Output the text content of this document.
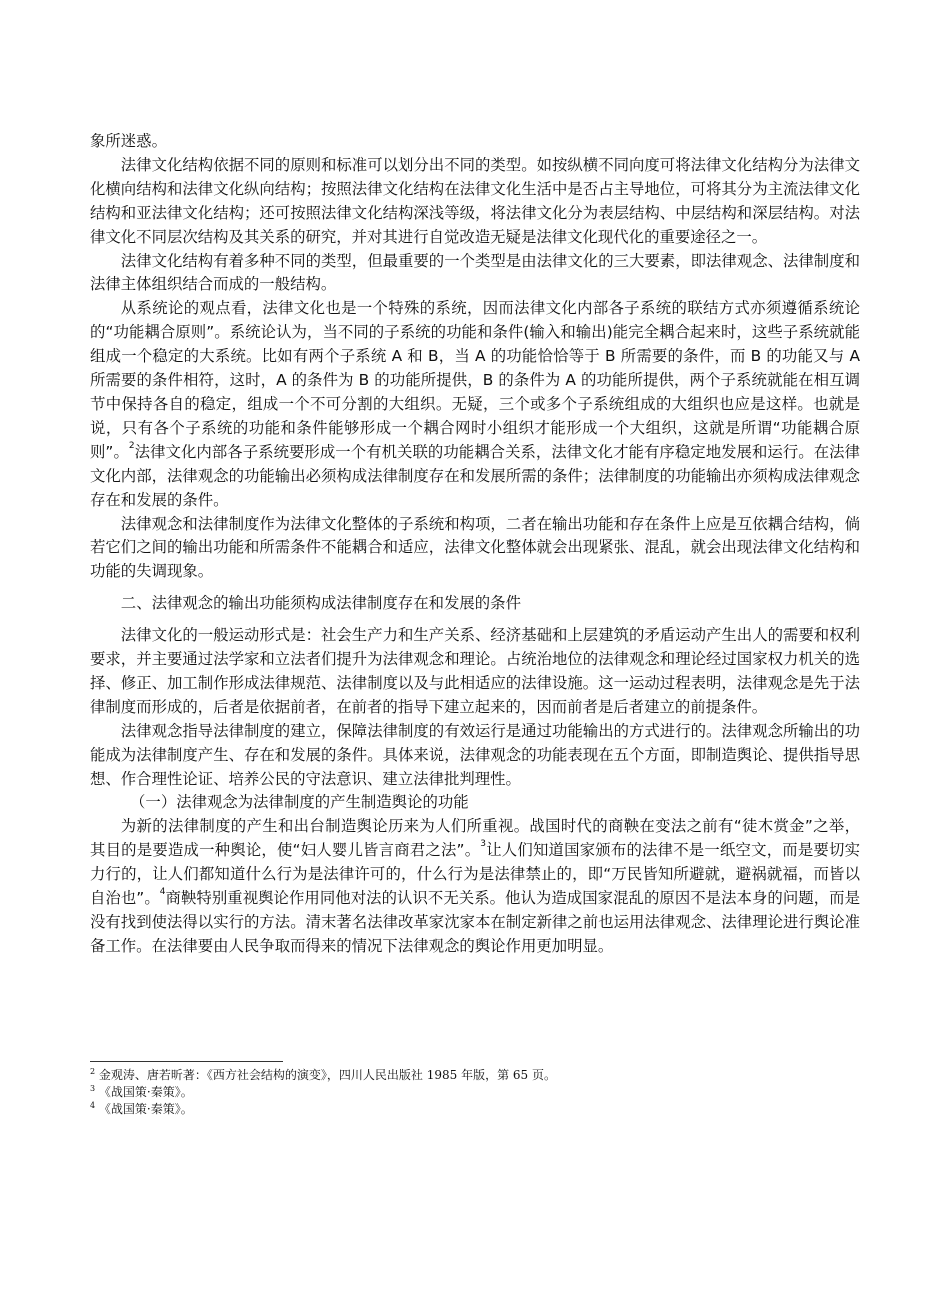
象所迷惑。

法律文化结构依据不同的原则和标准可以划分出不同的类型。如按纵横不同向度可将法律文化结构分为法律文化横向结构和法律文化纵向结构；按照法律文化结构在法律文化生活中是否占主导地位，可将其分为主流法律文化结构和亚法律文化结构；还可按照法律文化结构深浅等级，将法律文化分为表层结构、中层结构和深层结构。对法律文化不同层次结构及其关系的研究，并对其进行自觉改造无疑是法律文化现代化的重要途径之一。

法律文化结构有着多种不同的类型，但最重要的一个类型是由法律文化的三大要素，即法律观念、法律制度和法律主体组织结合而成的一般结构。

从系统论的观点看，法律文化也是一个特殊的系统，因而法律文化内部各子系统的联结方式亦须遵循系统论的“功能耦合原则”。系统论认为，当不同的子系统的功能和条件(输入和输出)能完全耦合起来时，这些子系统就能组成一个稳定的大系统。比如有两个子系统 A 和 B，当 A 的功能恰恰等于 B 所需要的条件，而 B 的功能又与 A 所需要的条件相符，这时，A 的条件为 B 的功能所提供，B 的条件为 A 的功能所提供，两个子系统就能在相互调节中保持各自的稳定，组成一个不可分割的大组织。无疑，三个或多个子系统组成的大组织也应是这样。也就是说，只有各个子系统的功能和条件能够形成一个耦合网时小组织才能形成一个大组织，这就是所谓“功能耦合原则”。$^2$法律文化内部各子系统要形成一个有机关联的功能耦合关系，法律文化才能有序稳定地发展和运行。在法律文化内部，法律观念的功能输出必须构成法律制度存在和发展所需的条件；法律制度的功能输出亦须构成法律观念存在和发展的条件。

法律观念和法律制度作为法律文化整体的子系统和构项，二者在输出功能和存在条件上应是互依耦合结构，倘若它们之间的输出功能和所需条件不能耦合和适应，法律文化整体就会出现紧张、混乱，就会出现法律文化结构和功能的失调现象。

二、法律观念的输出功能须构成法律制度存在和发展的条件

法律文化的一般运动形式是：社会生产力和生产关系、经济基础和上层建筑的矛盾运动产生出人的需要和权利要求，并主要通过法学家和立法者们提升为法律观念和理论。占统治地位的法律观念和理论经过国家权力机关的选择、修正、加工制作形成法律规范、法律制度以及与此相适应的法律设施。这一运动过程表明，法律观念是先于法律制度而形成的，后者是依据前者，在前者的指导下建立起来的，因而前者是后者建立的前提条件。

法律观念指导法律制度的建立，保障法律制度的有效运行是通过功能输出的方式进行的。法律观念所输出的功能成为法律制度产生、存在和发展的条件。具体来说，法律观念的功能表现在五个方面，即制造舆论、提供指导思想、作合理性论证、培养公民的守法意识、建立法律批判理性。

（一）法律观念为法律制度的产生制造舆论的功能

为新的法律制度的产生和出台制造舆论历来为人们所重视。战国时代的商鞅在变法之前有“徒木赏金”之举，其目的是要造成一种舆论，使“妇人婴儿皆言商君之法”。$^3$让人们知道国家颁布的法律不是一纸空文，而是要切实力行的，让人们都知道什么行为是法律许可的，什么行为是法律禁止的，即“万民皆知所避就，避祸就福，而皆以自治也”。$^4$商鞅特别重视舆论作用同他对法的认识不无关系。他认为造成国家混乱的原因不是法本身的问题，而是没有找到使法得以实行的方法。清末著名法律改革家沈家本在制定新律之前也运用法律观念、法律理论进行舆论准备工作。在法律要由人民争取而得来的情况下法律观念的舆论作用更加明显。

$^2$ 金观涛、唐若昕著：《西方社会结构的演变》，四川人民出版社 1985 年版，第 65 页。

$^3$ 《战国策·秦策》。

$^4$ 《战国策·秦策》。
